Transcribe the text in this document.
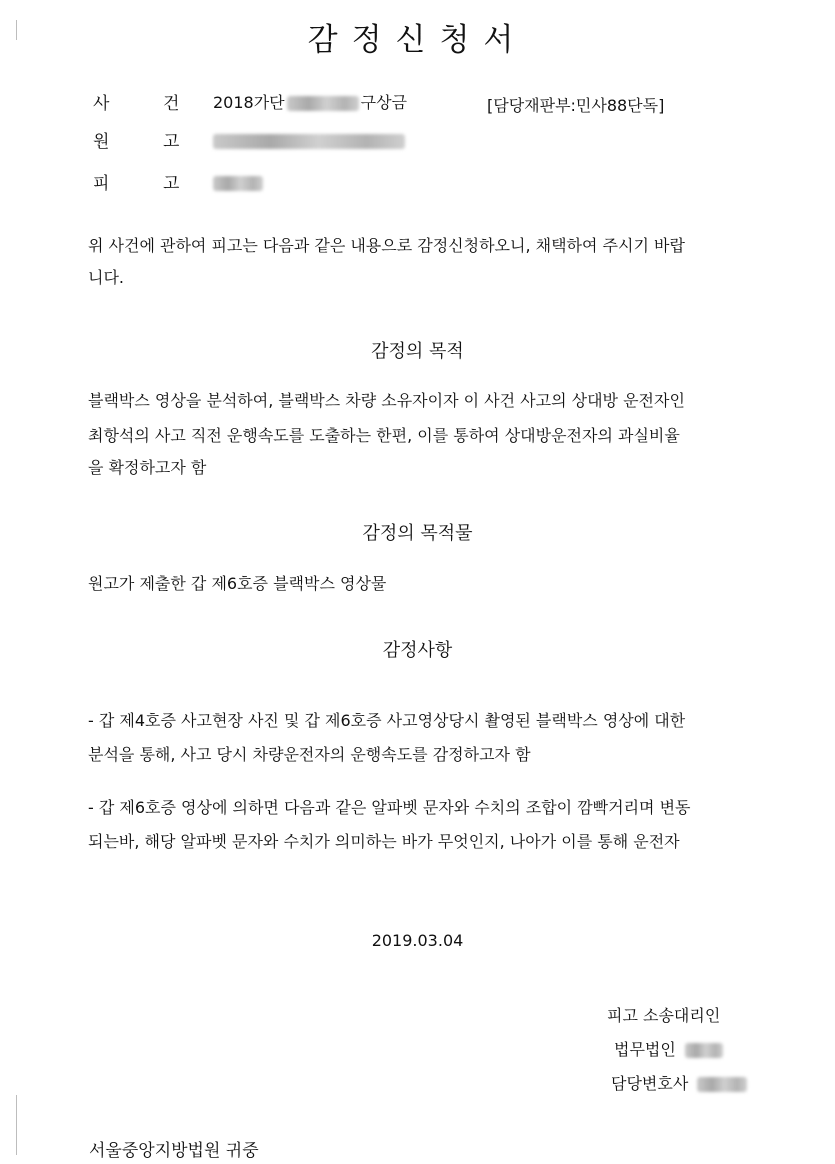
감정신청서
사	건 2018가단	구상금	[담당재판부:민사88단독]
원	고
피	고
위 사건에 관하여 피고는 다음과 같은 내용으로 감정신청하오니, 채택하여 주시기 바랍
니다.
감정의 목적
블랙박스 영상을 분석하여, 블랙박스 차량 소유자이자 이 사건 사고의 상대방 운전자인
최항석의 사고 직전 운행속도를 도출하는 한편, 이를 통하여 상대방운전자의 과실비율
을 확정하고자 함
감정의 목적물
원고가 제출한 갑 제6호증 블랙박스 영상물
감정사항
- 갑 제4호증 사고현장 사진 및 갑 제6호증 사고영상당시 촬영된 블랙박스 영상에 대한
분석을 통해, 사고 당시 차량운전자의 운행속도를 감정하고자 함
- 갑 제6호증 영상에 의하면 다음과 같은 알파벳 문자와 수치의 조합이 깜빡거리며 변동
되는바, 해당 알파벳 문자와 수치가 의미하는 바가 무엇인지, 나아가 이를 통해 운전자
2019.03.04
피고 소송대리인
법무법인
담당변호사
서울중앙지방법원 귀중
